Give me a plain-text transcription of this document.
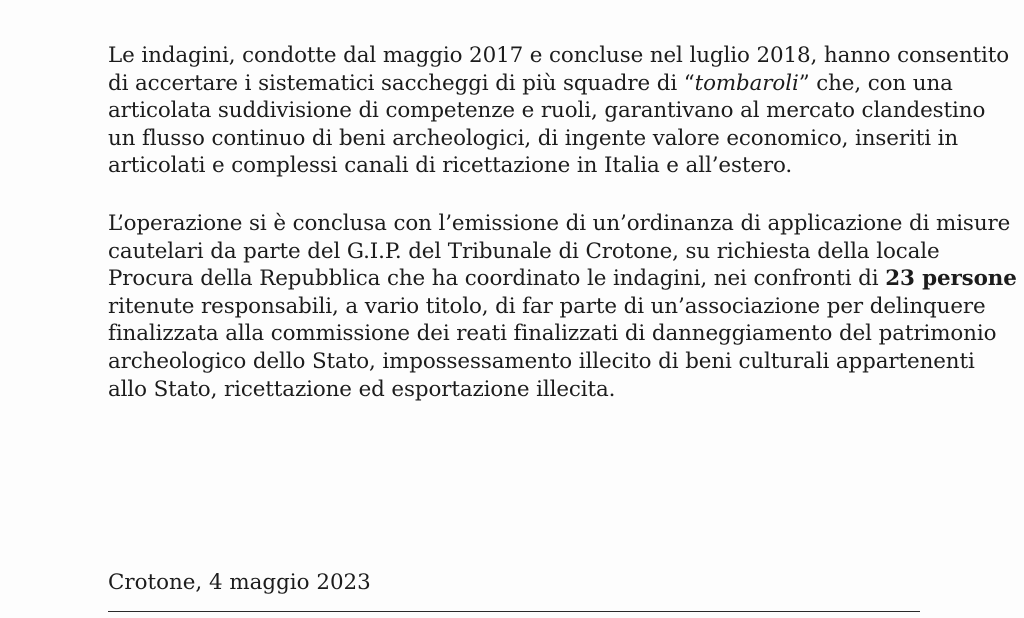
Le indagini, condotte dal maggio 2017 e concluse nel luglio 2018, hanno consentito
di accertare i sistematici saccheggi di più squadre di “tombaroli” che, con una
articolata suddivisione di competenze e ruoli, garantivano al mercato clandestino
un flusso continuo di beni archeologici, di ingente valore economico, inseriti in
articolati e complessi canali di ricettazione in Italia e all’estero.
L’operazione si è conclusa con l’emissione di un’ordinanza di applicazione di misure
cautelari da parte del G.I.P. del Tribunale di Crotone, su richiesta della locale
Procura della Repubblica che ha coordinato le indagini, nei confronti di 23 persone
ritenute responsabili, a vario titolo, di far parte di un’associazione per delinquere
finalizzata alla commissione dei reati finalizzati di danneggiamento del patrimonio
archeologico dello Stato, impossessamento illecito di beni culturali appartenenti
allo Stato, ricettazione ed esportazione illecita.

Crotone, 4 maggio 2023
